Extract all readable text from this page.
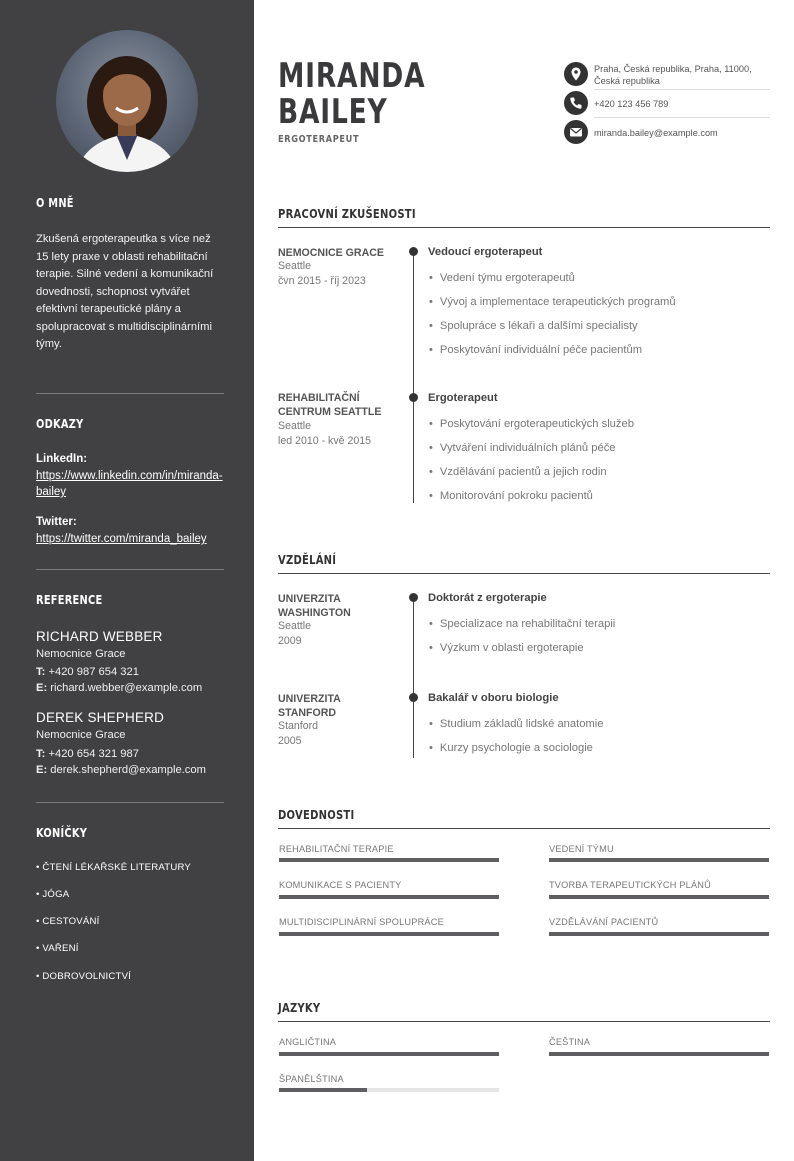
O MNĚ
Zkušená ergoterapeutka s více než 15 lety praxe v oblasti rehabilitační terapie. Silné vedení a komunikační dovednosti, schopnost vytvářet efektivní terapeutické plány a spolupracovat s multidisciplinárními týmy.
ODKAZY
LinkedIn:
https://www.linkedin.com/in/miranda-bailey
Twitter:
https://twitter.com/miranda_bailey
REFERENCE
RICHARD WEBBER
Nemocnice Grace
T: +420 987 654 321
E: richard.webber@example.com
DEREK SHEPHERD
Nemocnice Grace
T: +420 654 321 987
E: derek.shepherd@example.com
KONÍČKY
• ČTENÍ LÉKAŘSKÉ LITERATURY
• JÓGA
• CESTOVÁNÍ
• VAŘENÍ
• DOBROVOLNICTVÍ
MIRANDA
BAILEY
ERGOTERAPEUT
Praha, Česká republika, Praha, 11000,
Česká republika
+420 123 456 789
miranda.bailey@example.com
PRACOVNÍ ZKUŠENOSTI
NEMOCNICE GRACE
Seattle
čvn 2015 - říj 2023
Vedoucí ergoterapeut
• Vedení týmu ergoterapeutů
• Vývoj a implementace terapeutických programů
• Spolupráce s lékaři a dalšími specialisty
• Poskytování individuální péče pacientům
REHABILITAČNÍ CENTRUM SEATTLE
Seattle
led 2010 - kvě 2015
Ergoterapeut
• Poskytování ergoterapeutických služeb
• Vytváření individuálních plánů péče
• Vzdělávání pacientů a jejich rodin
• Monitorování pokroku pacientů
VZDĚLÁNÍ
UNIVERZITA WASHINGTON
Seattle
2009
Doktorát z ergoterapie
• Specializace na rehabilitační terapii
• Výzkum v oblasti ergoterapie
UNIVERZITA STANFORD
Stanford
2005
Bakalář v oboru biologie
• Studium základů lidské anatomie
• Kurzy psychologie a sociologie
DOVEDNOSTI
REHABILITAČNÍ TERAPIE	VEDENÍ TÝMU
KOMUNIKACE S PACIENTY	TVORBA TERAPEUTICKÝCH PLÁNŮ
MULTIDISCIPLINÁRNÍ SPOLUPRÁCE	VZDĚLÁVÁNÍ PACIENTŮ
JAZYKY
ANGLIČTINA	ČEŠTINA
ŠPANĚLŠTINA
